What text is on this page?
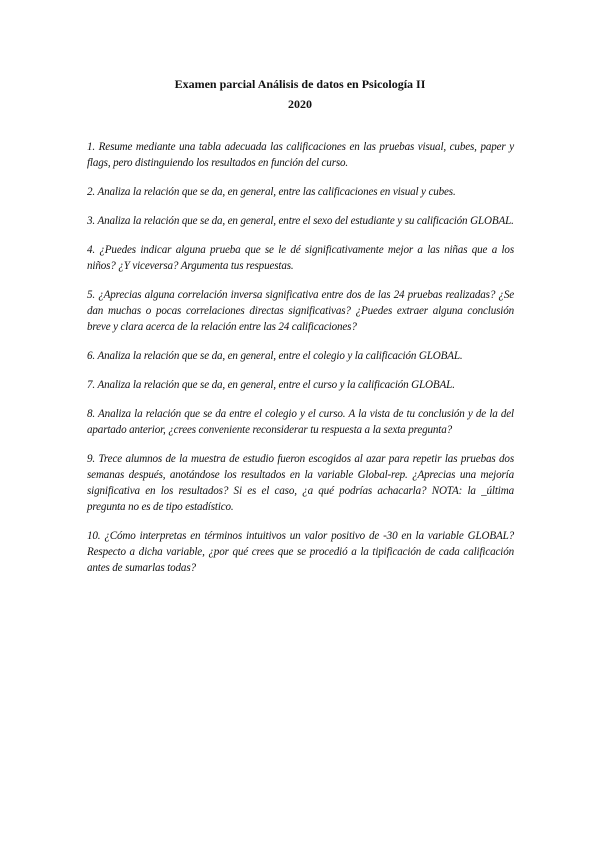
Examen parcial Análisis de datos en Psicología II

2020

1. Resume mediante una tabla adecuada las calificaciones en las pruebas visual, cubes, paper y flags, pero distinguiendo los resultados en función del curso.

2. Analiza la relación que se da, en general, entre las calificaciones en visual y cubes.

3. Analiza la relación que se da, en general, entre el sexo del estudiante y su calificación GLOBAL.

4. ¿Puedes indicar alguna prueba que se le dé significativamente mejor a las niñas que a los niños? ¿Y viceversa? Argumenta tus respuestas.

5. ¿Aprecias alguna correlación inversa significativa entre dos de las 24 pruebas realizadas? ¿Se dan muchas o pocas correlaciones directas significativas? ¿Puedes extraer alguna conclusión breve y clara acerca de la relación entre las 24 calificaciones?

6. Analiza la relación que se da, en general, entre el colegio y la calificación GLOBAL.

7. Analiza la relación que se da, en general, entre el curso y la calificación GLOBAL.

8. Analiza la relación que se da entre el colegio y el curso. A la vista de tu conclusión y de la del apartado anterior, ¿crees conveniente reconsiderar tu respuesta a la sexta pregunta?

9. Trece alumnos de la muestra de estudio fueron escogidos al azar para repetir las pruebas dos semanas después, anotándose los resultados en la variable Global-rep. ¿Aprecias una mejoría significativa en los resultados? Si es el caso, ¿a qué podrías achacarla? NOTA: la _última pregunta no es de tipo estadístico.

10. ¿Cómo interpretas en términos intuitivos un valor positivo de -30 en la variable GLOBAL? Respecto a dicha variable, ¿por qué crees que se procedió a la tipificación de cada calificación antes de sumarlas todas?
